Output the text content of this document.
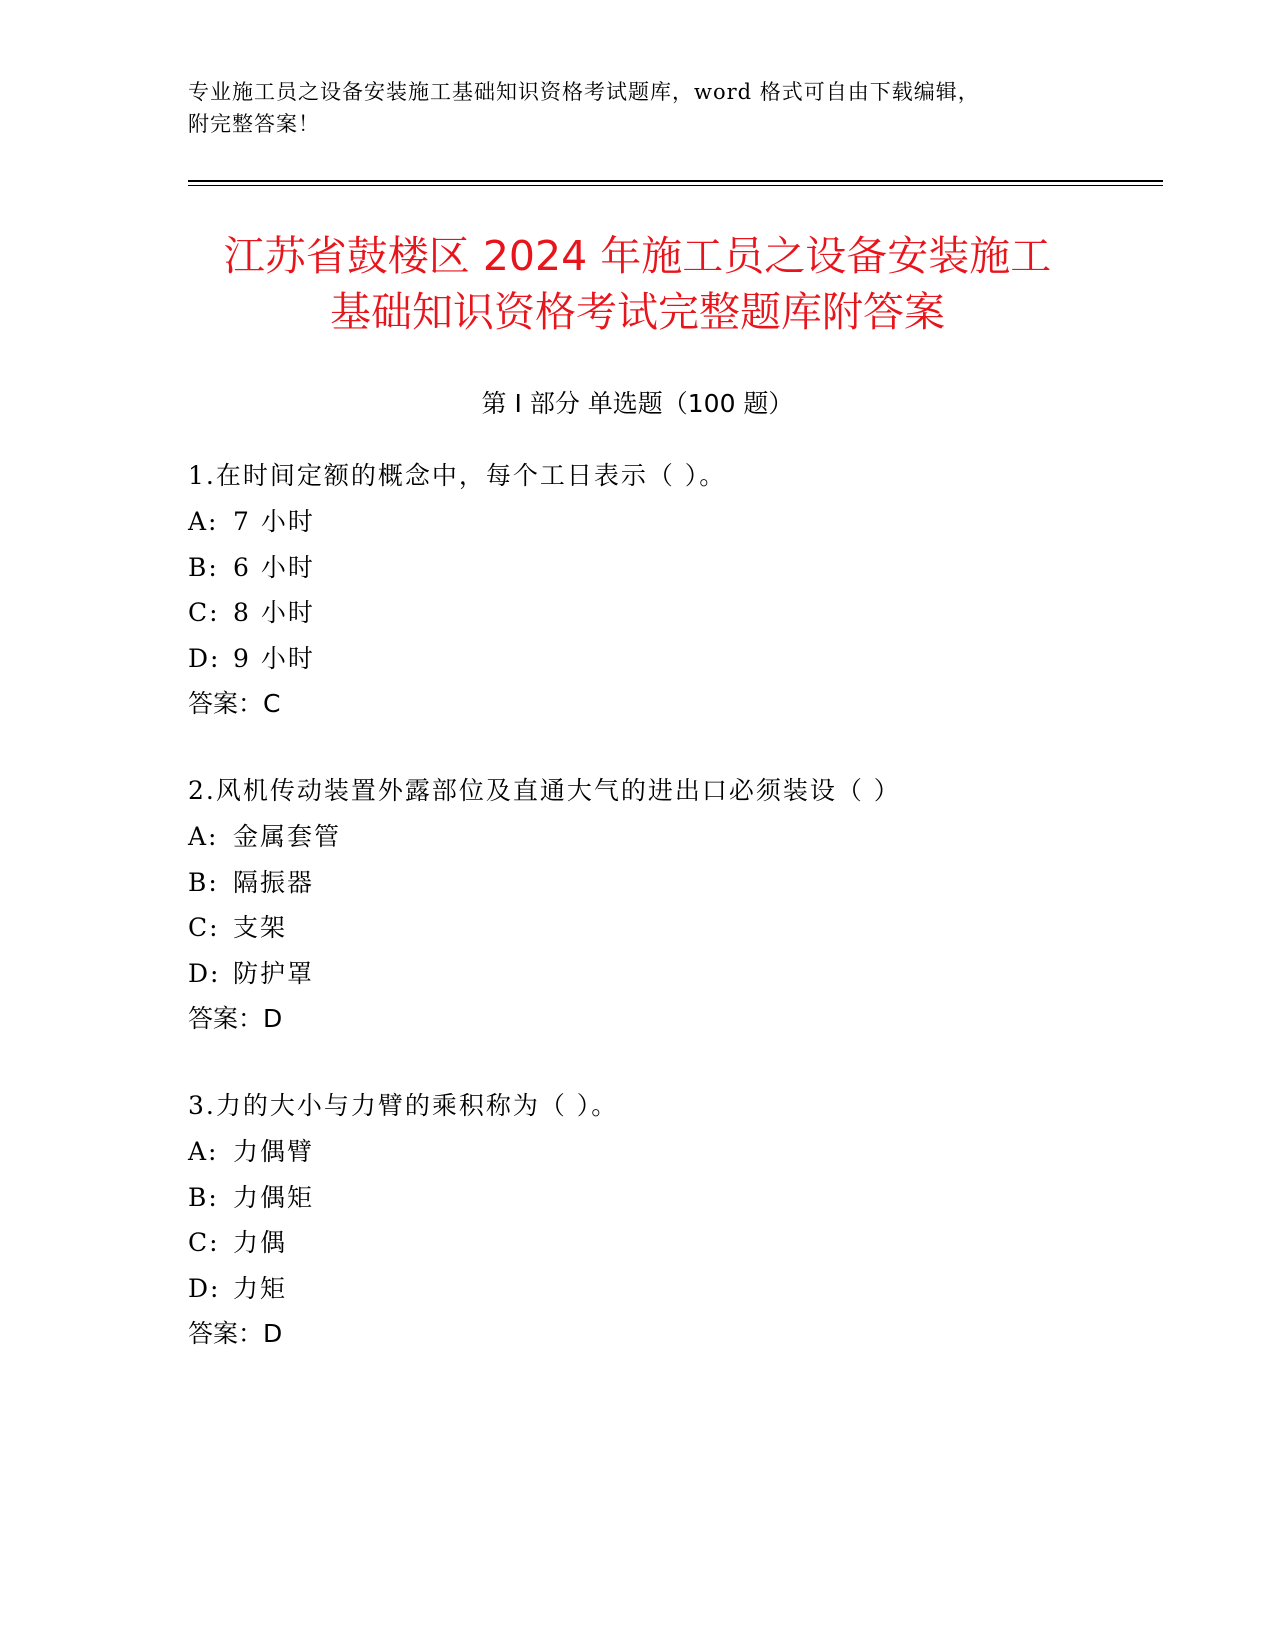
专业施工员之设备安装施工基础知识资格考试题库，word 格式可自由下载编辑，
附完整答案！
江苏省鼓楼区 2024 年施工员之设备安装施工
基础知识资格考试完整题库附答案
第 I 部分 单选题（100 题）
1.在时间定额的概念中，每个工日表示（ ）。
A: 7 小时
B: 6 小时
C: 8 小时
D: 9 小时
答案：C
2.风机传动装置外露部位及直通大气的进出口必须装设（ ）
A: 金属套管
B: 隔振器
C: 支架
D: 防护罩
答案：D
3.力的大小与力臂的乘积称为（ ）。
A: 力偶臂
B: 力偶矩
C: 力偶
D: 力矩
答案：D
